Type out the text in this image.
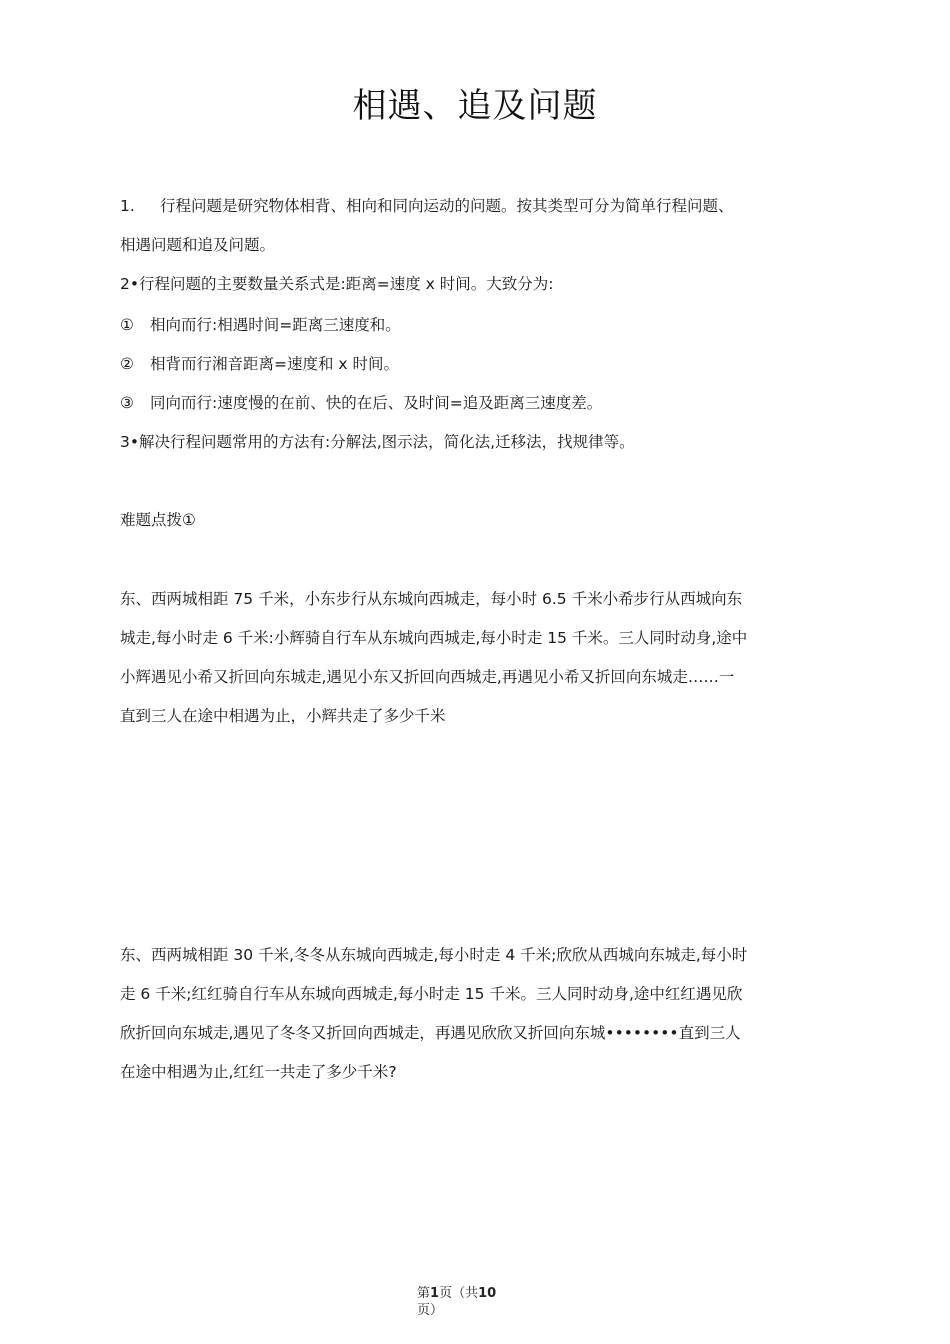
相遇、追及问题
1. 行程问题是研究物体相背、相向和同向运动的问题。按其类型可分为简单行程问题、
相遇问题和追及问题。
2•行程问题的主要数量关系式是:距离=速度 x 时间。大致分为:
① 相向而行:相遇时间=距离三速度和。
② 相背而行湘音距离=速度和 x 时间。
③ 同向而行:速度慢的在前、快的在后、及时间=追及距离三速度差。
3•解决行程问题常用的方法有:分解法,图示法，简化法,迁移法，找规律等。
难题点拨①
东、西两城相距 75 千米，小东步行从东城向西城走，每小时 6.5 千米小希步行从西城向东
城走,每小时走 6 千米:小辉骑自行车从东城向西城走,每小时走 15 千米。三人同时动身,途中
小辉遇见小希又折回向东城走,遇见小东又折回向西城走,再遇见小希又折回向东城走……一
直到三人在途中相遇为止，小辉共走了多少千米
东、西两城相距 30 千米,冬冬从东城向西城走,每小时走 4 千米;欣欣从西城向东城走,每小时
走 6 千米;红红骑自行车从东城向西城走,每小时走 15 千米。三人同时动身,途中红红遇见欣
欣折回向东城走,遇见了冬冬又折回向西城走，再遇见欣欣又折回向东城••••••••直到三人
在途中相遇为止,红红一共走了多少千米?
第1页（共10
页）
